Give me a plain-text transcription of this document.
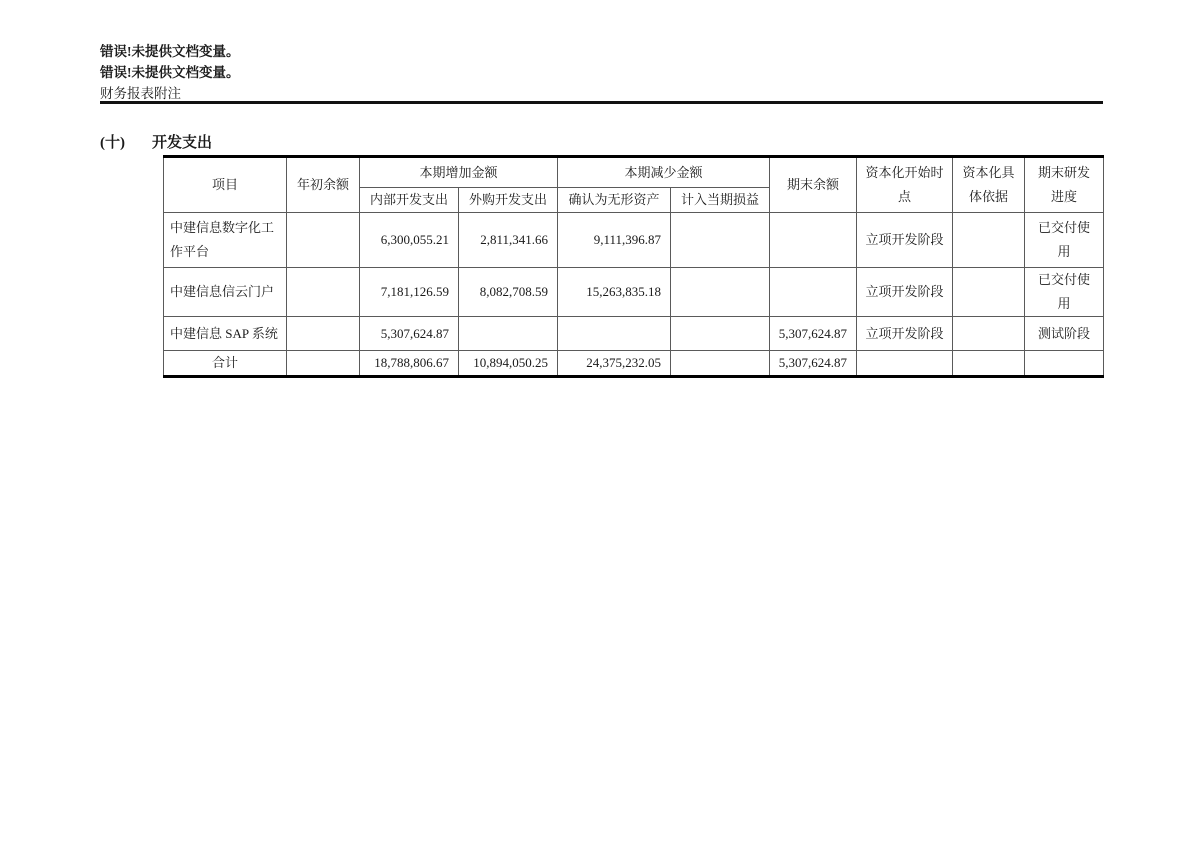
错误!未提供文档变量。
错误!未提供文档变量。
财务报表附注
(十) 开发支出
项目	年初余额	本期增加金额		本期减少金额		期末余额	资本化开始时点	资本化具体依据	期末研发进度
		内部开发支出	外购开发支出	确认为无形资产	计入当期损益				
中建信息数字化工作平台		6,300,055.21	2,811,341.66	9,111,396.87			立项开发阶段		已交付使用
中建信息信云门户		7,181,126.59	8,082,708.59	15,263,835.18			立项开发阶段		已交付使用
中建信息 SAP 系统		5,307,624.87				5,307,624.87	立项开发阶段		测试阶段
合计		18,788,806.67	10,894,050.25	24,375,232.05		5,307,624.87			
